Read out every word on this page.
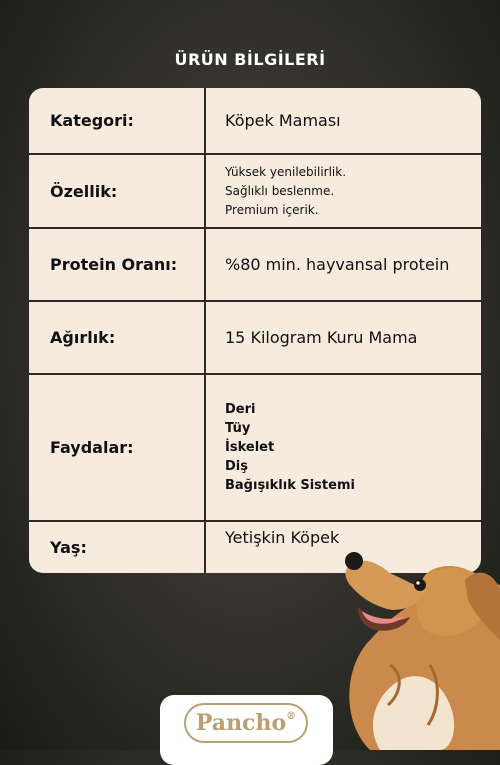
ÜRÜN BİLGİLERİ
Kategori:	Köpek Maması
Özellik:
Yüksek yenilebilirlik.
Sağlıklı beslenme.
Premium içerik.
Protein Oranı:	%80 min. hayvansal protein
Ağırlık:	15 Kilogram Kuru Mama
Faydalar:
Deri
Tüy
İskelet
Diş
Bağışıklık Sistemi
Yaş:
Yetişkin Köpek
Pancho ®
